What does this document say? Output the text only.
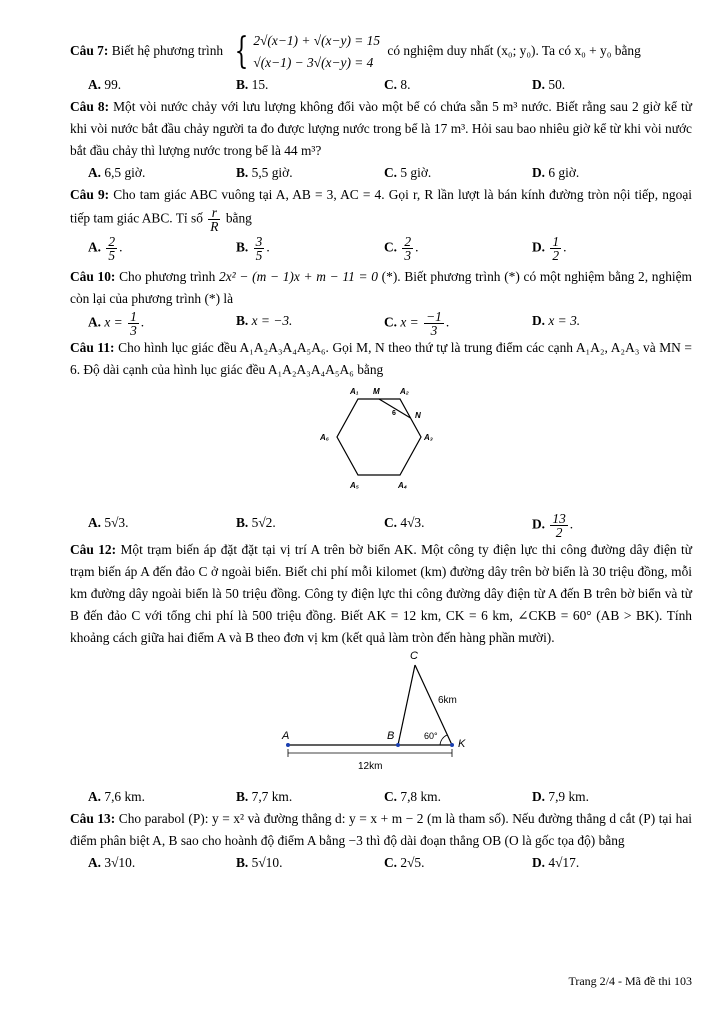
Câu 7: Biết hệ phương trình { 2√(x−1) + √(x−y) = 15
√(x−1) − 3√(x−y) = 4
có nghiệm duy nhất (x₀; y₀). Ta có x₀ + y₀ bằng

A. 99.	B. 15.	C. 8.	D. 50.

Câu 8: Một vòi nước chảy với lưu lượng không đổi vào một bể có chứa sẵn 5 m³ nước. Biết rằng sau 2 giờ kể từ khi vòi nước bắt đầu chảy người ta đo được lượng nước trong bể là 17 m³. Hỏi sau bao nhiêu giờ kể từ khi vòi nước bắt đầu chảy thì lượng nước trong bể là 44 m³?

A. 6,5 giờ.	B. 5,5 giờ.	C. 5 giờ.	D. 6 giờ.

Câu 9: Cho tam giác ABC vuông tại A, AB = 3, AC = 4. Gọi r, R lần lượt là bán kính đường tròn nội tiếp, ngoại tiếp tam giác ABC. Tỉ số $\frac{r}{R}$ bằng

A. $\frac{2}{5}$ .	B. $\frac{3}{5}$ .	C. $\frac{2}{3}$ .	D. $\frac{1}{2}$ .

Câu 10: Cho phương trình 2x² − (m − 1)x + m − 11 = 0 (*). Biết phương trình (*) có một nghiệm bằng 2, nghiệm còn lại của phương trình (*) là

A. $x = \frac{1}{3}$ .	B. x = −3.	C. $x = \frac{-1}{3}$ .	D. x = 3.

Câu 11: Cho hình lục giác đều A₁A₂A₃A₄A₅A₆. Gọi M, N theo thứ tự là trung điểm các cạnh A₁A₂, A₂A₃ và MN = 6. Độ dài cạnh của hình lục giác đều A₁A₂A₃A₄A₅A₆ bằng

A₁ M	A₂
N
6
A₃
A₄
A₅
A₆
A. 5√3.	B. 5√2.	C. 4√3.	D. $\frac{13}{2}$ .

Câu 12: Một trạm biến áp đặt đặt tại vị trí A trên bờ biển AK. Một công ty điện lực thi công đường dây điện từ trạm biến áp A đến đảo C ở ngoài biển. Biết chi phí mỗi kilomet (km) đường dây trên bờ biển là 30 triệu đồng, mỗi km đường dây ngoài biển là 50 triệu đồng. Công ty điện lực thi công đường dây điện từ A đến B trên bờ biển và từ B đến đảo C với tổng chi phí là 500 triệu đồng. Biết AK = 12 km, CK = 6 km, ∠CKB = 60° (AB > BK). Tính khoảng cách giữa hai điểm A và B theo đơn vị km (kết quả làm tròn đến hàng phần mười).

A	B
C
K
6km
60°
12km
A. 7,6 km.	B. 7,7 km.	C. 7,8 km.	D. 7,9 km.

Câu 13: Cho parabol (P): y = x² và đường thẳng d: y = x + m − 2 (m là tham số). Nếu đường thẳng d cắt (P) tại hai điểm phân biệt A, B sao cho hoành độ điểm A bằng −3 thì độ dài đoạn thẳng OB (O là gốc tọa độ) bằng

A. 3√10.	B. 5√10.	C. 2√5.	D. 4√17.
Trang 2/4 - Mã đề thi 103
